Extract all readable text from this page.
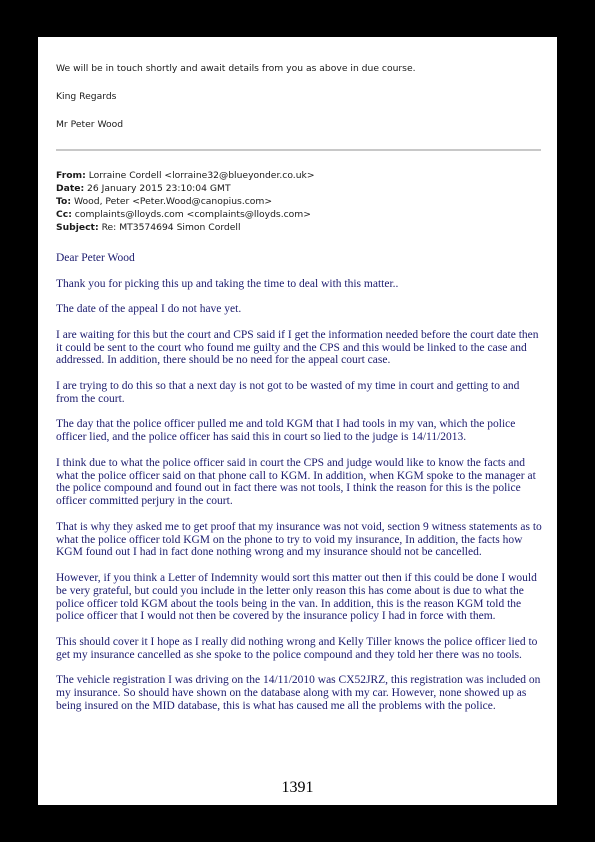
We will be in touch shortly and await details from you as above in due course.
King Regards
Mr Peter Wood
From: Lorraine Cordell <lorraine32@blueyonder.co.uk>
Date: 26 January 2015 23:10:04 GMT
To: Wood, Peter <Peter.Wood@canopius.com>
Cc: complaints@lloyds.com <complaints@lloyds.com>
Subject: Re: MT3574694 Simon Cordell

Dear Peter Wood

Thank you for picking this up and taking the time to deal with this matter..

The date of the appeal I do not have yet.

I are waiting for this but the court and CPS said if I get the information needed before the court date then it could be sent to the court who found me guilty and the CPS and this would be linked to the case and addressed. In addition, there should be no need for the appeal court case.

I are trying to do this so that a next day is not got to be wasted of my time in court and getting to and from the court.

The day that the police officer pulled me and told KGM that I had tools in my van, which the police officer lied, and the police officer has said this in court so lied to the judge is 14/11/2013.

I think due to what the police officer said in court the CPS and judge would like to know the facts and what the police officer said on that phone call to KGM. In addition, when KGM spoke to the manager at the police compound and found out in fact there was not tools, I think the reason for this is the police officer committed perjury in the court.

That is why they asked me to get proof that my insurance was not void, section 9 witness statements as to what the police officer told KGM on the phone to try to void my insurance, In addition, the facts how KGM found out I had in fact done nothing wrong and my insurance should not be cancelled.

However, if you think a Letter of Indemnity would sort this matter out then if this could be done I would be very grateful, but could you include in the letter only reason this has come about is due to what the police officer told KGM about the tools being in the van. In addition, this is the reason KGM told the police officer that I would not then be covered by the insurance policy I had in force with them.

This should cover it I hope as I really did nothing wrong and Kelly Tiller knows the police officer lied to get my insurance cancelled as she spoke to the police compound and they told her there was no tools.

The vehicle registration I was driving on the 14/11/2010 was CX52JRZ, this registration was included on my insurance. So should have shown on the database along with my car. However, none showed up as being insured on the MID database, this is what has caused me all the problems with the police.

1391
